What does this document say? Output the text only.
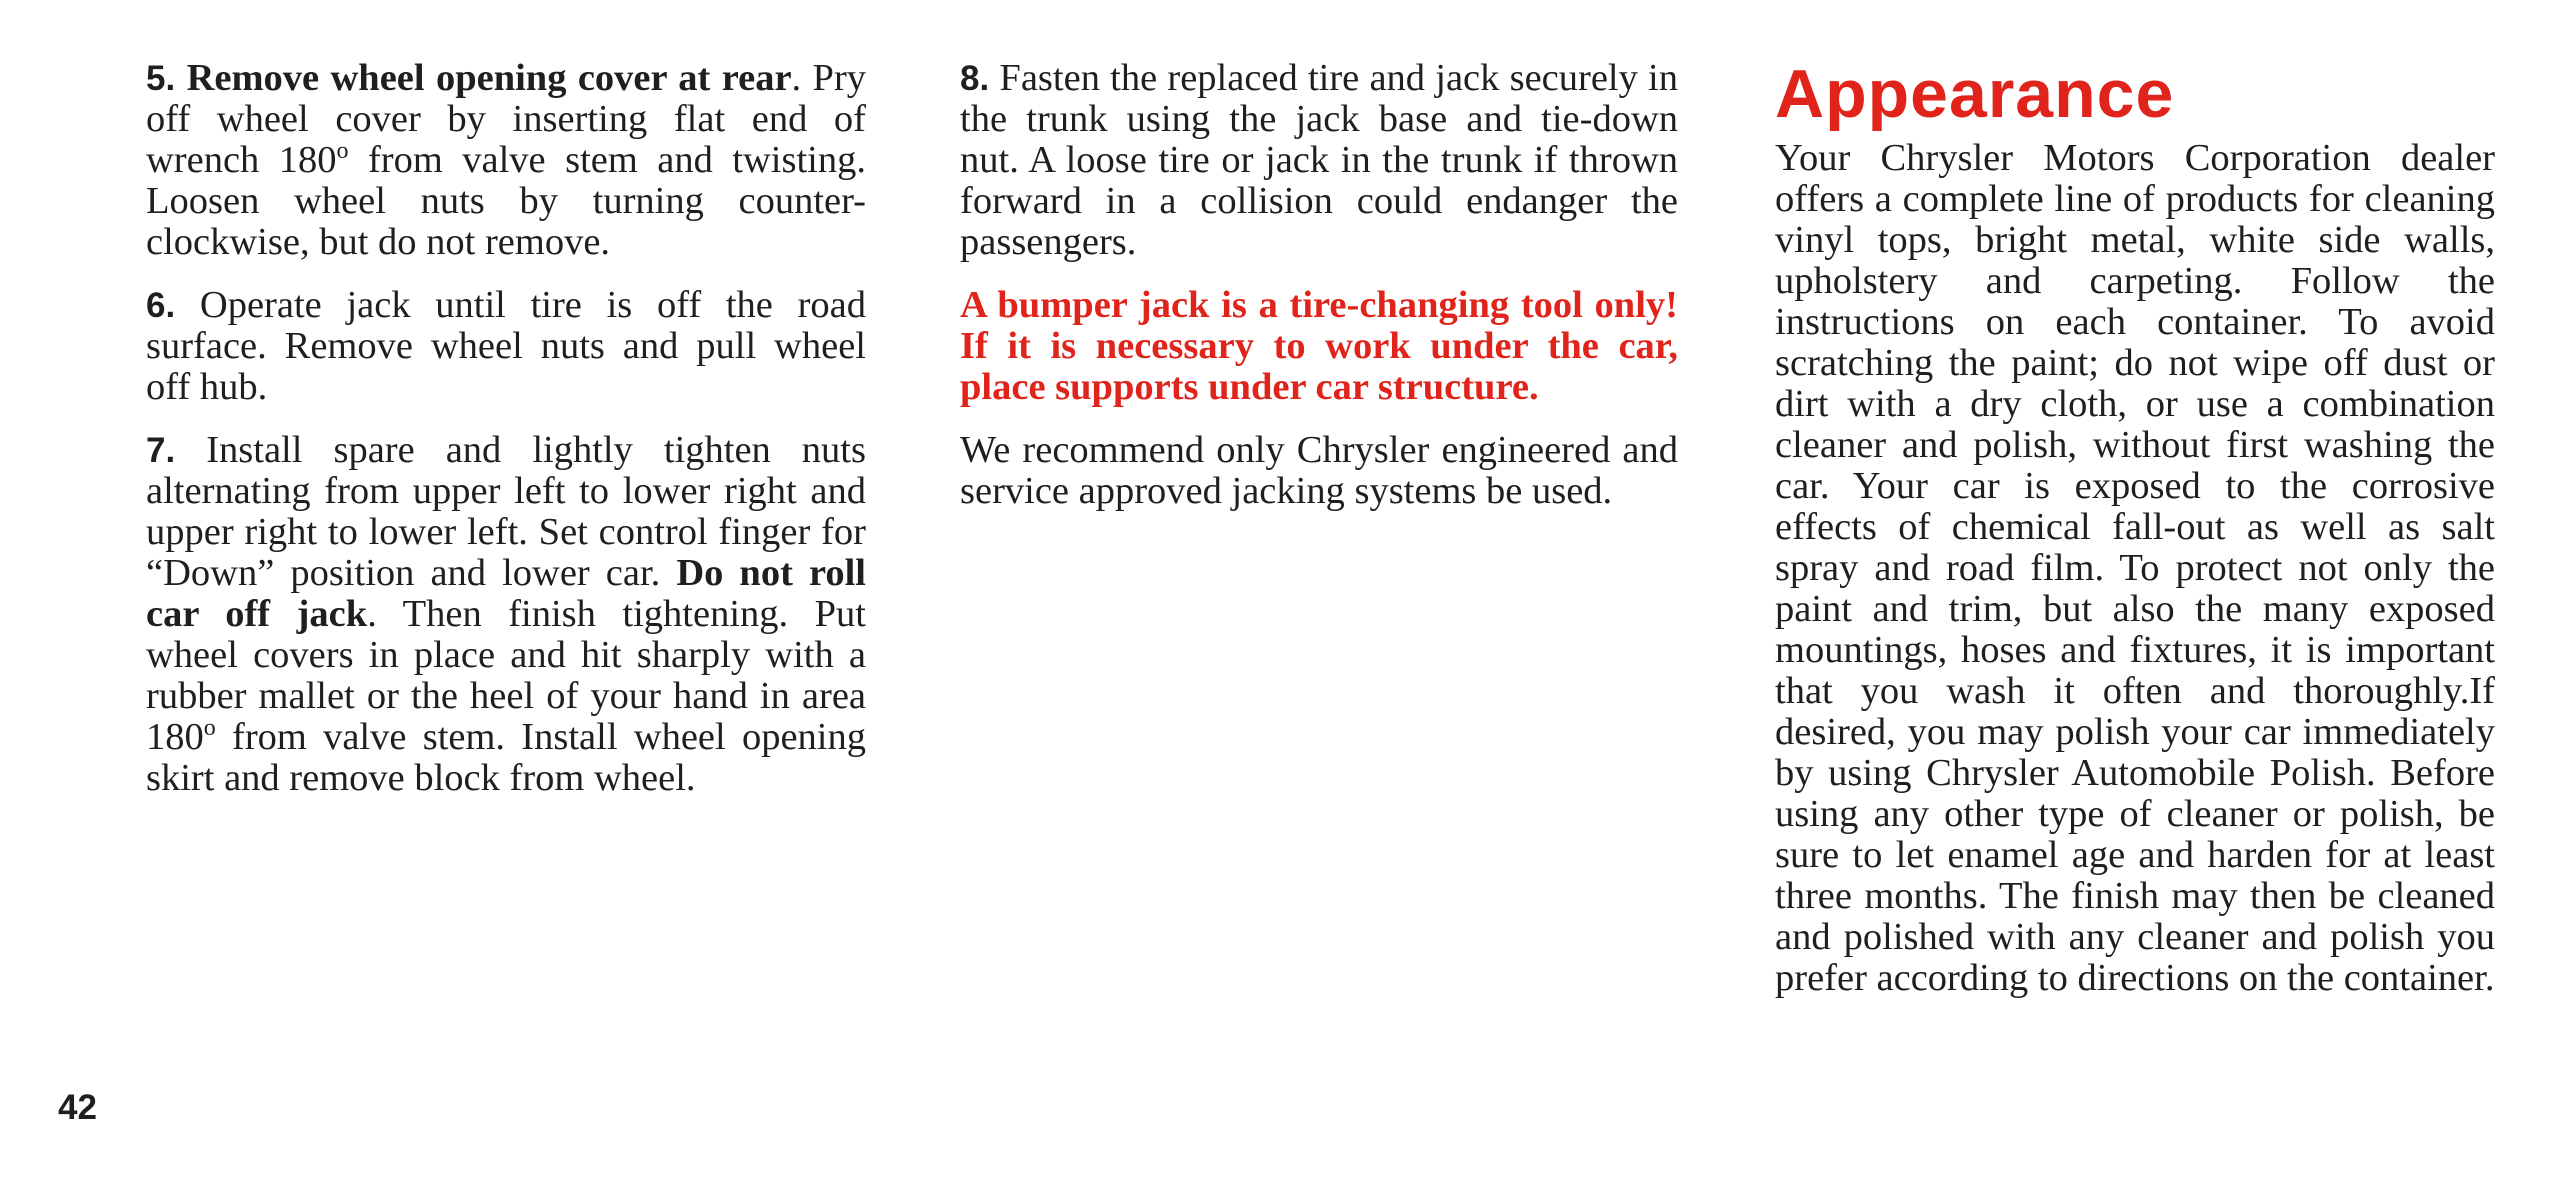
5. Remove wheel opening cover at rear. Pry off wheel cover by inserting flat end of wrench 180$^o$ from valve stem and twisting. Loosen wheel nuts by turning counter-clockwise, but do not remove.

6. Operate jack until tire is off the road surface. Remove wheel nuts and pull wheel off hub.

7. Install spare and lightly tighten nuts alternating from upper left to lower right and upper right to lower left. Set control finger for “Down” position and lower car. Do not roll car off jack. Then finish tightening. Put wheel covers in place and hit sharply with a rubber mallet or the heel of your hand in area 180$^o$ from valve stem. Install wheel opening skirt and remove block from wheel.

8. Fasten the replaced tire and jack securely in the trunk using the jack base and tie-down nut. A loose tire or jack in the trunk if thrown forward in a collision could endanger the passengers.

A bumper jack is a tire-changing tool only! If it is necessary to work under the car, place supports under car structure.

We recommend only Chrysler engineered and service approved jacking systems be used.

Appearance

Your Chrysler Motors Corporation dealer offers a complete line of products for cleaning vinyl tops, bright metal, white side walls, upholstery and carpeting. Follow the instructions on each container. To avoid scratching the paint; do not wipe off dust or dirt with a dry cloth, or use a combination cleaner and polish, without first washing the car. Your car is exposed to the corrosive effects of chemical fall-out as well as salt spray and road film. To protect not only the paint and trim, but also the many exposed mountings, hoses and fixtures, it is important that you wash it often and thoroughly.If desired, you may polish your car immediately by using Chrysler Automobile Polish. Before using any other type of cleaner or polish, be sure to let enamel age and harden for at least three months. The finish may then be cleaned and polished with any cleaner and polish you prefer according to directions on the container.

42
